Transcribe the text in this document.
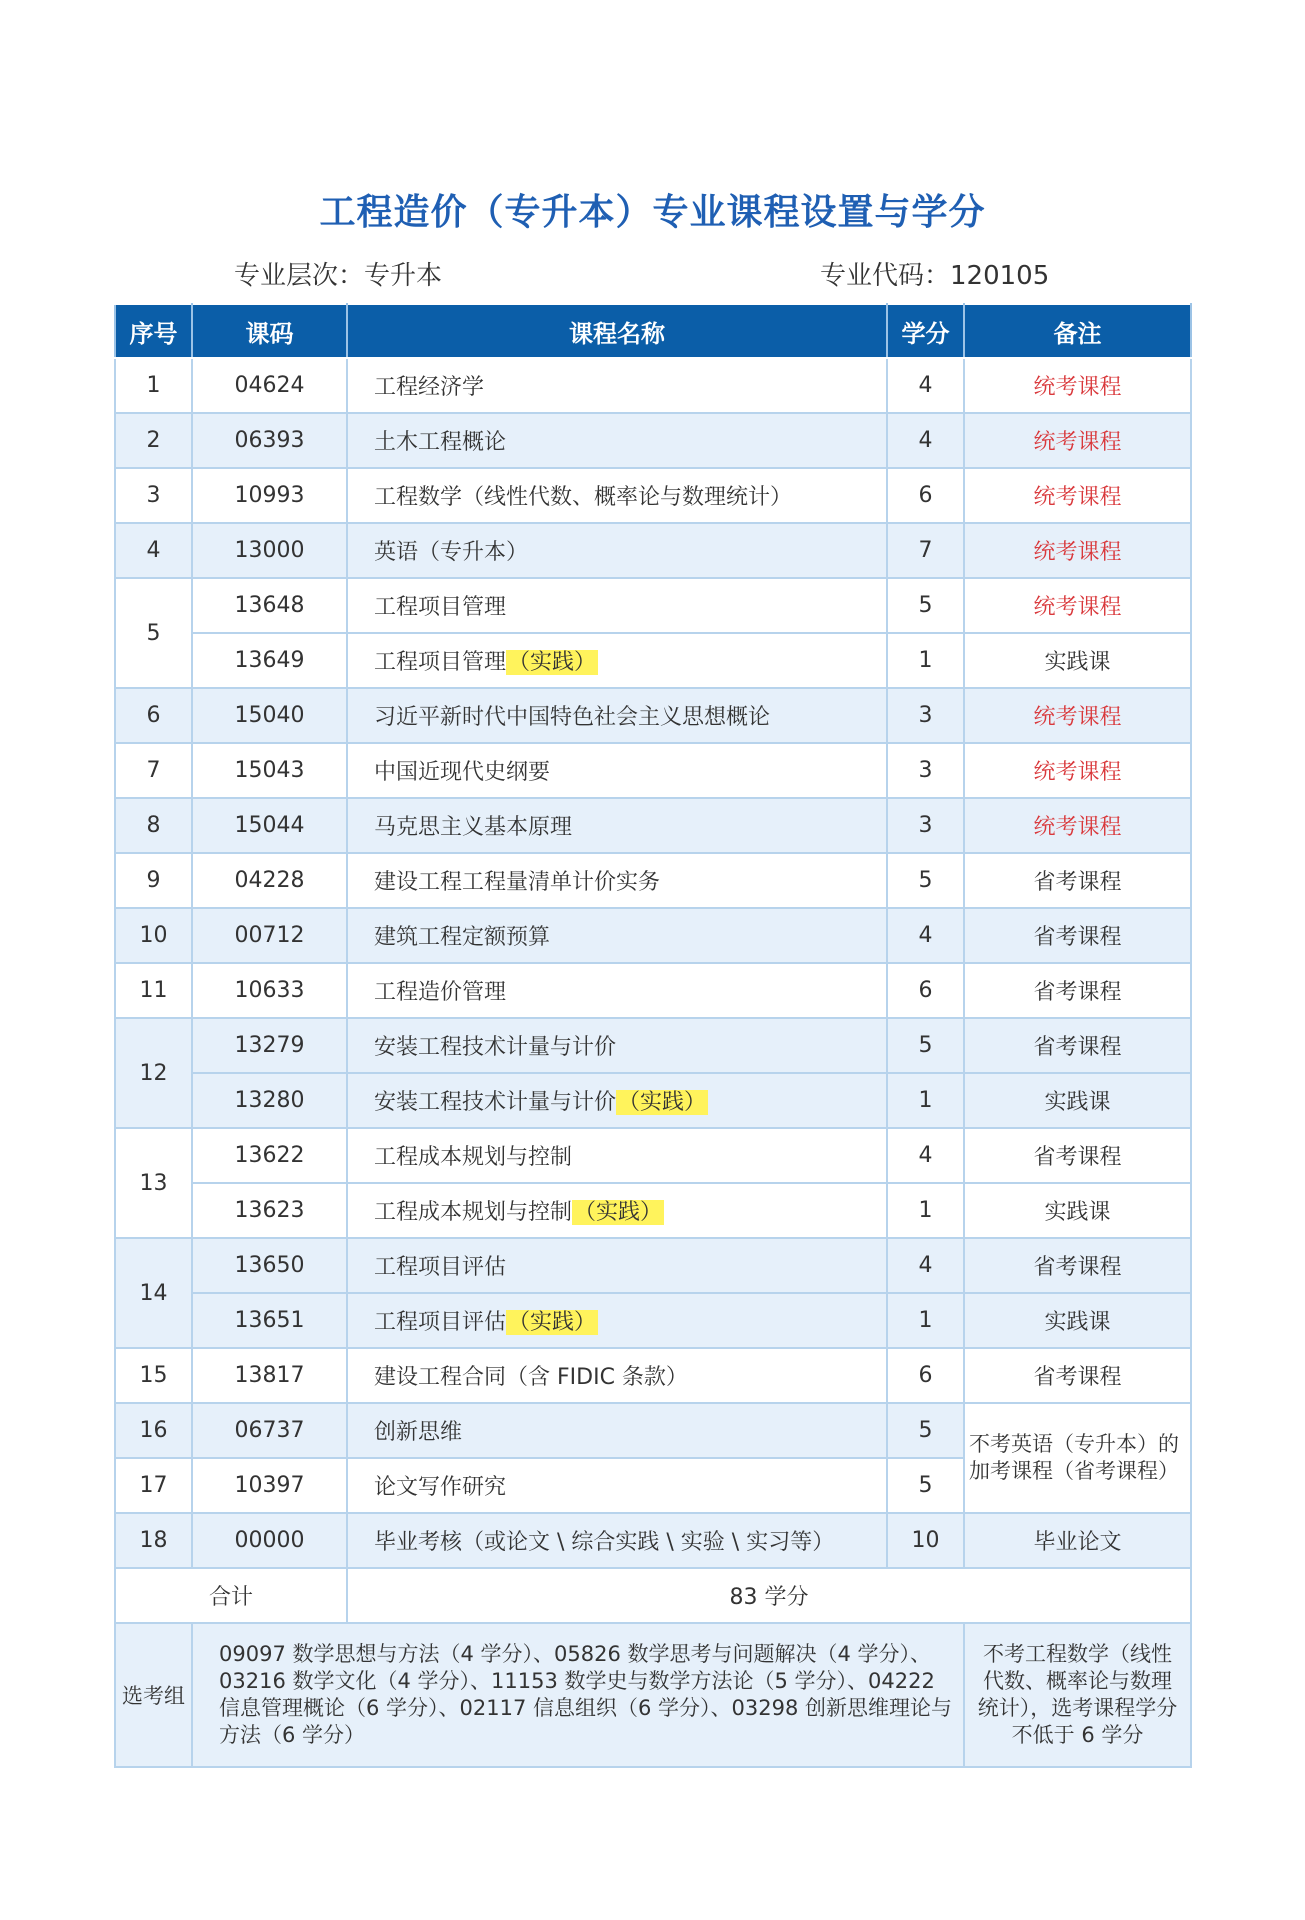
工程造价（专升本）专业课程设置与学分
专业层次：专升本	专业代码：120105
序号	课码	课程名称	学分	备注
1	04624	工程经济学	4	统考课程
2	06393	土木工程概论	4	统考课程
3	10993	工程数学（线性代数、概率论与数理统计）	6	统考课程
4	13000	英语（专升本）	7	统考课程
5	13648	工程项目管理	5	统考课程
	13649	工程项目管理（实践）	1	实践课
6	15040	习近平新时代中国特色社会主义思想概论	3	统考课程
7	15043	中国近现代史纲要	3	统考课程
8	15044	马克思主义基本原理	3	统考课程
9	04228	建设工程工程量清单计价实务	5	省考课程
10	00712	建筑工程定额预算	4	省考课程
11	10633	工程造价管理	6	省考课程
12	13279	安装工程技术计量与计价	5	省考课程
	13280	安装工程技术计量与计价（实践）	1	实践课
13	13622	工程成本规划与控制	4	省考课程
	13623	工程成本规划与控制（实践）	1	实践课
14	13650	工程项目评估	4	省考课程
	13651	工程项目评估（实践）	1	实践课
15	13817	建设工程合同（含 FIDIC 条款）	6	省考课程
16	06737	创新思维	5	不考英语（专升本）的加考课程（省考课程）
17	10397	论文写作研究	5	
18	00000	毕业考核（或论文 \ 综合实践 \ 实验 \ 实习等）	10	毕业论文
合计		83 学分		
选考组	09097 数学思想与方法（4 学分）、05826 数学思考与问题解决（4 学分）、03216 数学文化（4 学分）、11153 数学史与数学方法论（5 学分）、04222 信息管理概论（6 学分）、02117 信息组织（6 学分）、03298 创新思维理论与方法（6 学分）			不考工程数学（线性代数、概率论与数理统计），选考课程学分不低于 6 学分
